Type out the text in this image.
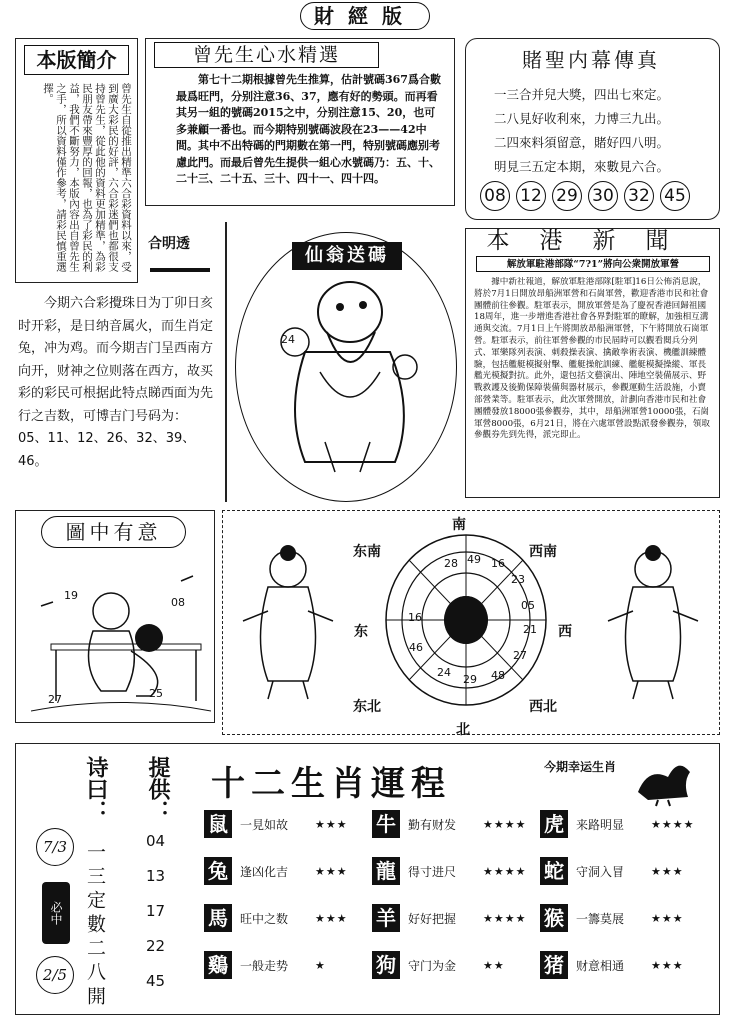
財經版
本版簡介
曾先生自從推出精準六合彩資料以來，受到廣大彩民的好評，六合彩迷們也都很支持曾先生，從此他的資料更加精準，為彩民朋友帶來豐厚的回報，也為了彩民的利益，我們不斷努力，本版內容出自曾先生之手，所以資料僅作參考，請彩民慎重選擇。
曾先生心水精選
第七十二期根據曾先生推算，估計號碼367爲合數最爲旺門，分别注意36、37，應有好的勢頭。而再看其另一組的號碼2015之中，分别注意15、20，也可多兼顧一番也。而今期特别號碼波段在23——42中間。其中不出特碼的門期數在第一門，特别號碼應别考慮此門。而最后曾先生提供一組心水號碼乃：五、十、二十三、二十五、三十、四十一、四十四。
賭聖内幕傳真
一三合并兒大獎，四出七來定。
二八見好收利來，力博三九出。
二四來料須留意，賭好四八明。
明見三五定本期，來數見六合。
08 12 29 30 32 45
合明透
今期六合彩攪珠日为丁卯日亥时开彩，是日纳音属火，而生肖定兔，冲为鸡。而今期吉门呈西南方向开，财神之位则落在西方，故买彩的彩民可根据此特点睇西面为先行之吉数，可博吉门号码为：05、11、12、26、32、39、46。
仙翁送碼
24
本港新聞
解放軍駐港部隊“7?1”將向公衆開放軍營
據中新社報道，解放軍駐港部隊[駐軍]16日公佈消息說，將於7月1日開放昂船洲軍營和石崗軍營，歡迎香港市民和社會團體前往參觀。駐軍表示，開放軍營是為了慶祝香港回歸祖國18周年，進一步增進香港社會各界對駐軍的瞭解，加強相互溝通與交流。7月1日上午將開放昂船洲軍營，下午將開放石崗軍營。駐軍表示，前往軍營參觀的市民屆時可以觀看閱兵分列式、軍樂隊列表演、刺殺操表演、擒敵拳術表演、機艦訓練體驗，包括艦艇模擬射擊、艦艇操舵訓練、艦艇模擬操縱、軍長艦光模擬對抗。此外，還包括文藝演出、陣地空裝備展示、野戰救護及後勤保障裝備與器材展示，參觀運動生活設施，小賣部營業等。駐軍表示，此次軍營開放，計劃向香港市民和社會團體發放18000張參觀券，其中，昂船洲軍營10000張，石崗軍營8000張，6月21日，將在六處軍營設點派發參觀券，領取參觀券先到先得，派完即止。
圖中有意
19
08
27	25
南
东南	西南
东	西
东北	西北
北
28 49 16
23
05
21
27
48
29
24
46
16
诗曰： 提供：
一三定數二八開
7/3
必中
2/5
04
13
17
22
45
十二生肖運程	今期幸运生肖
鼠	一見如故	★★★ 牛	勤有财发	★★★★ 虎	来路明显	★★★★
兔	逢凶化吉	★★★ 龍	得寸进尺	★★★★ 蛇	守洞入冒	★★★
馬	旺中之数	★★★ 羊	好好把握	★★★★ 猴	一籌莫展	★★★
鷄	一般走势	★	狗	守门为金	★★ 猪	财意相通	★★★
